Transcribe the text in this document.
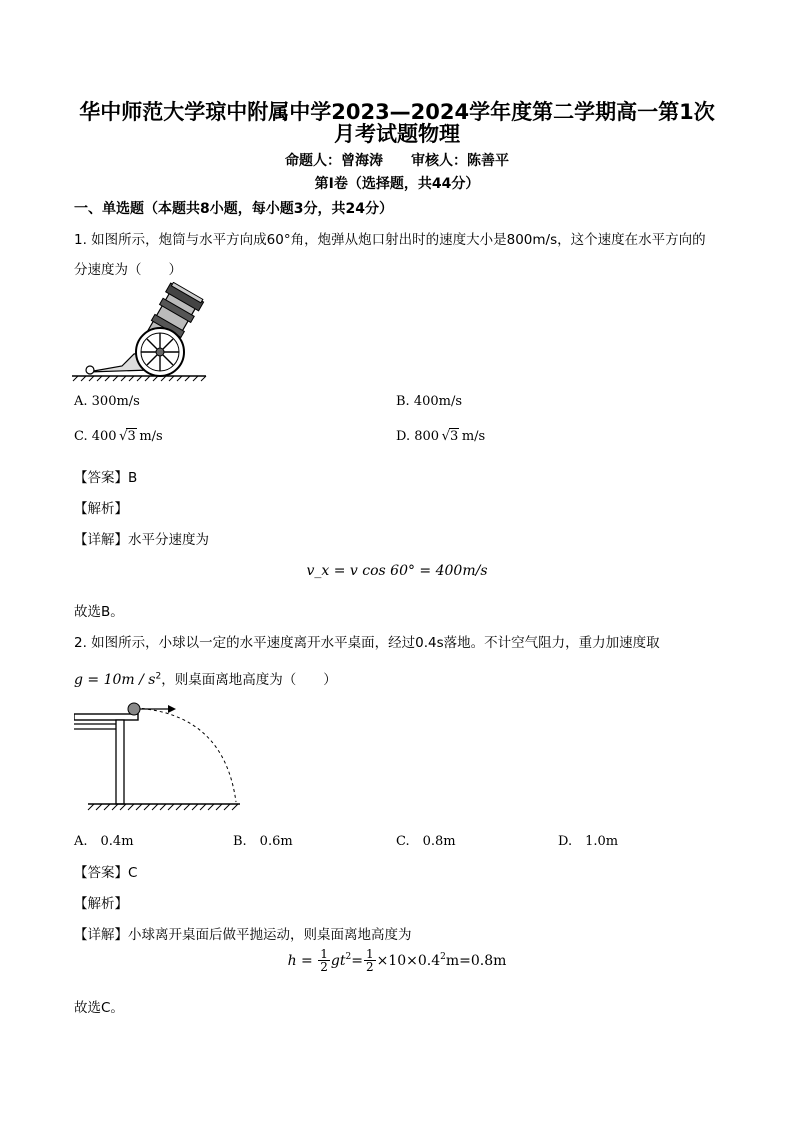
华中师范大学琼中附属中学2023—2024学年度第二学期高一第1次
月考试题物理
命题人：曾海涛　　审核人：陈善平
第Ⅰ卷（选择题，共44分）
一、单选题（本题共8小题，每小题3分，共24分）
1. 如图所示，炮筒与水平方向成60°角，炮弹从炮口射出时的速度大小是800m/s，这个速度在水平方向的
分速度为（　　）
A. 300m/s	B. 400m/s
C. 400 √3  m/s	D. 800 √3  m/s
【答案】B
【解析】
【详解】水平分速度为
v_x = v cos 60° = 400m/s
故选B。
2. 如图所示，小球以一定的水平速度离开水平桌面，经过0.4s落地。不计空气阻力，重力加速度取
$g = 10m / s^2$，则桌面离地高度为（　　）
A.　0.4m	B.　0.6m	C.　0.8m	D.　1.0m
【答案】C
【解析】
【详解】小球离开桌面后做平抛运动，则桌面离地高度为
h =
$\frac{1}{2} gt^2 = \frac{1}{2} \times 10\times 0.4^2$ m=0.8m
故选C。
